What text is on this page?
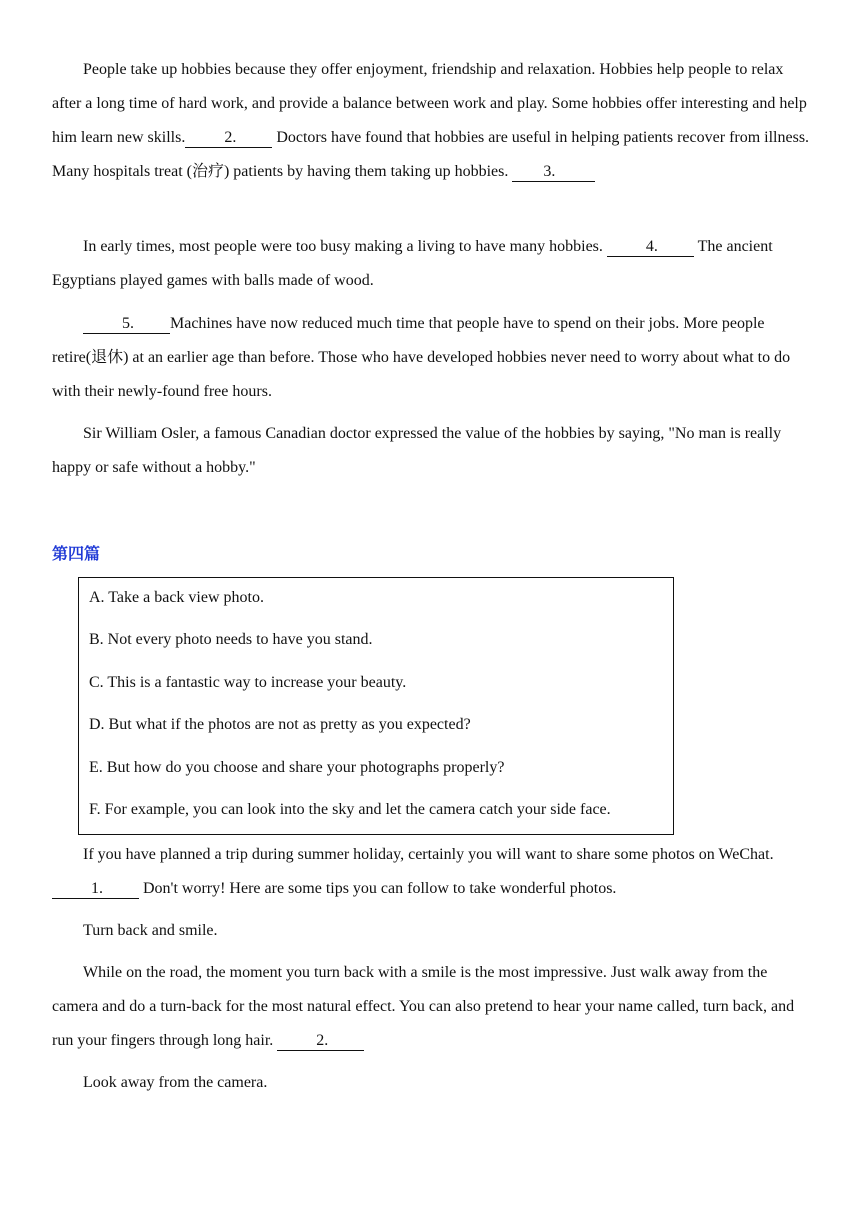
People take up hobbies because they offer enjoyment, friendship and relaxation. Hobbies help people to relax after a long time of hard work, and provide a balance between work and play. Some hobbies offer interesting and help him learn new skills.  2.          Doctors have found that hobbies are useful in helping patients recover from illness. Many hospitals treat (治疗) patients by having them taking up hobbies. 3.

In early times, most people were too busy making a living to have many hobbies.   4.          The ancient Egyptians played games with balls made of wood.

5.         Machines have now reduced much time that people have to spend on their jobs. More people retire(退休) at an earlier age than before. Those who have developed hobbies never need to worry about what to do with their newly-found free hours.

Sir William Osler, a famous Canadian doctor expressed the value of the hobbies by saying, "No man is really happy or safe without a hobby."

第四篇
A. Take a back view photo.
B. Not every photo needs to have you stand.
C. This is a fantastic way to increase your beauty.
D. But what if the photos are not as pretty as you expected?
E. But how do you choose and share your photographs properly?
F. For example, you can look into the sky and let the camera catch your side face.

If you have planned a trip during summer holiday, certainly you will want to share some photos on WeChat.   1.          Don't worry! Here are some tips you can follow to take wonderful photos.

Turn back and smile.

While on the road, the moment you turn back with a smile is the most impressive. Just walk away from the camera and do a turn-back for the most natural effect. You can also pretend to hear your name called, turn back, and run your fingers through long hair.   2.

Look away from the camera.
